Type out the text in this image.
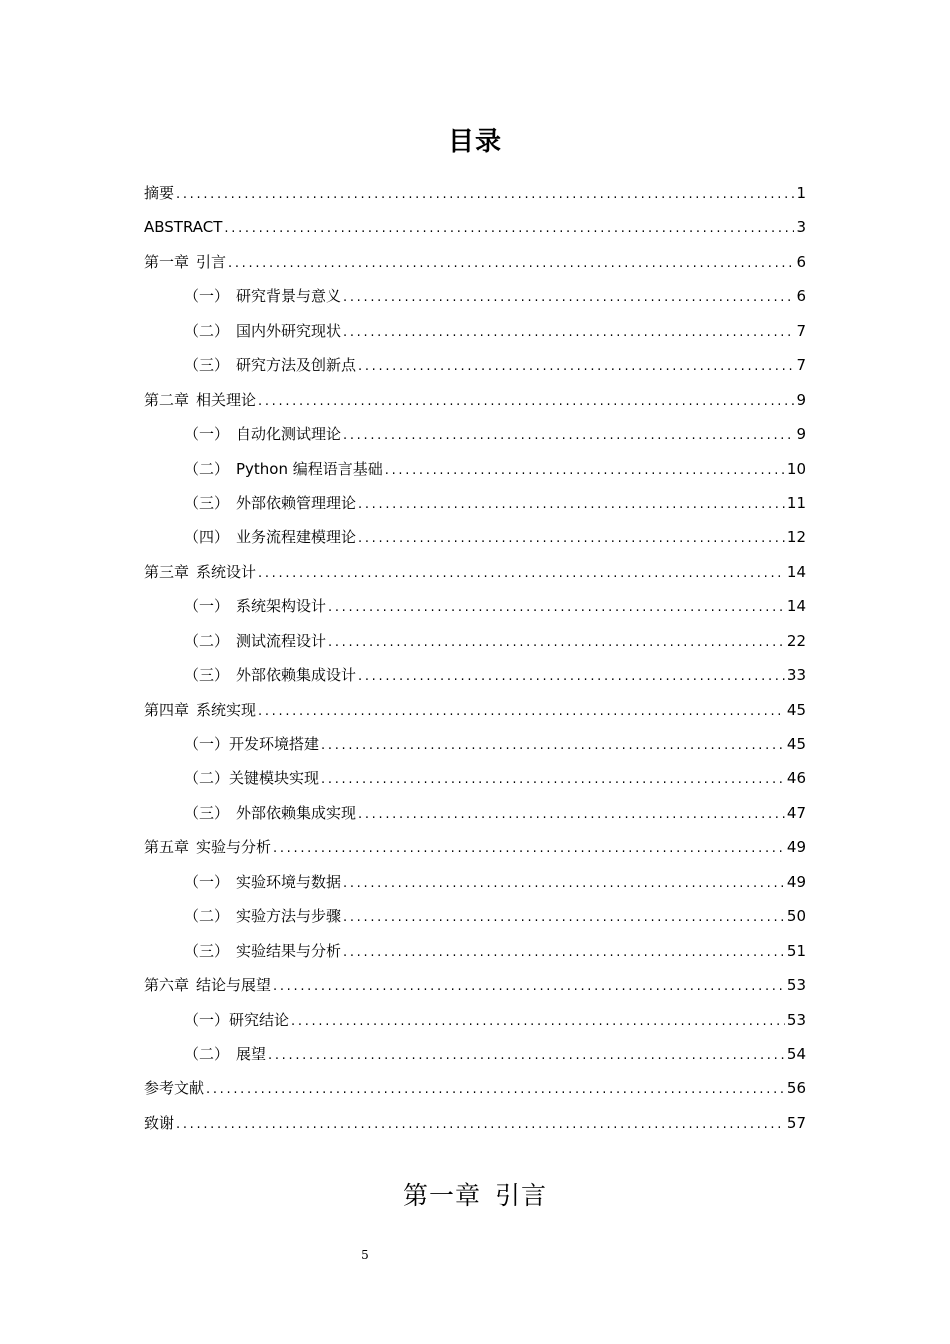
目录
摘要 .....	1
ABSTRACT .....	3
第一章 引言 .....	6
（一） 研究背景与意义 .....	6
（二） 国内外研究现状 .....	7
（三） 研究方法及创新点 .....	7
第二章 相关理论 .....	9
（一） 自动化测试理论 .....	9
（二） Python 编程语言基础 .....	10
（三） 外部依赖管理理论 .....	11
（四） 业务流程建模理论 .....	12
第三章 系统设计 .....	14
（一） 系统架构设计 .....	14
（二） 测试流程设计 .....	22
（三） 外部依赖集成设计 .....	33
第四章 系统实现 .....	45
（一） 开发环境搭建 .....	45
（二） 关键模块实现 .....	46
（三） 外部依赖集成实现 .....	47
第五章 实验与分析 .....	49
（一） 实验环境与数据 .....	49
（二） 实验方法与步骤 .....	50
（三） 实验结果与分析 .....	51
第六章 结论与展望 .....	53
（一） 研究结论 .....	53
（二） 展望 .....	54
参考文献 .....	56
致谢 .....	57
第一章 引言
5
